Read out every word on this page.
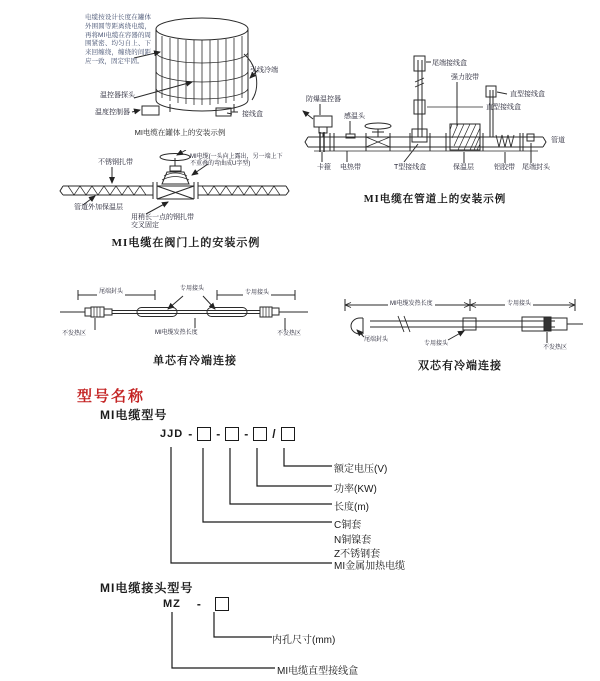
电缆按设计长度在罐体外围圆等距离绕电缆，再将MI电缆在容器的周围紧密、均匀自上、下来回缠绕，缠绕的间距应一致，固定牢固。
温控器探头
温度控制器	接线盒
引线冷端
MI电缆在罐体上的安装示例
不锈钢扎带
MI电缆(一头向上露出，另一端上下不重叠的弯曲成U字型)
管道外加保温层
用稍长一点的钢扎带交叉固定
MI电缆在阀门上的安装示例
防爆温控器
感温头
尾端接线盒
强力胶带
直型接线盒
直型接线盒
管道
卡箍 电热带	T型接线盒	保温层	铝胶带 尾端封头
MI电缆在管道上的安装示例
尾端封头	专用接头
专用接头
不发热区	MI电缆发热长度	不发热区
单芯有冷端连接
MI电缆发热长度	专用接头
尾端封头
专用接头
不发热区
双芯有冷端连接
型号名称
MI电缆型号
JJD - - - /
额定电压(V)
功率(KW)
长度(m)
C铜套
N铜镍套
Z不锈钢套
MI金属加热电缆
MI电缆接头型号
MZ -
内孔尺寸(mm)
MI电缆直型接线盒
